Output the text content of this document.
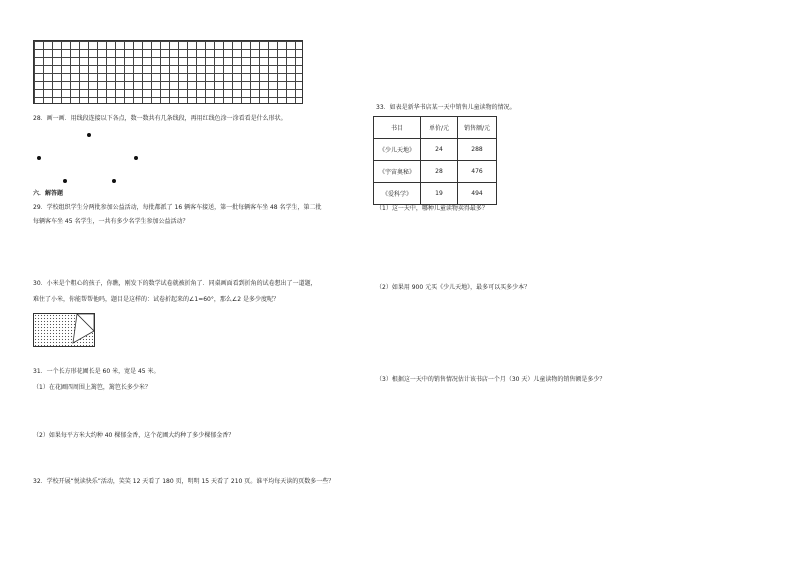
28．画一画．用线段连接以下各点，数一数共有几条线段，再用红线色涂一涂看看是什么形状。
六．解答题
29．学校组织学生分两批参加公益活动，每批都派了 16 辆客车接送，第一批每辆客车坐 48 名学生，第二批
每辆客车坐 45 名学生，一共有多少名学生参加公益活动？
30．小米是个粗心的孩子，你瞧，刚发下的数学试卷就被折角了．同桌画面看到折角的试卷想出了一道题，
难住了小米，你能帮帮他吗，题目是这样的：试卷折起来的∠1=60°，那么∠2 是多少度呢？
31．一个长方形花圃长是 60 米，宽是 45 米。
（1）在花圃四周围上篱笆，篱笆长多少米？
（2）如果每平方米大约种 40 棵郁金香，这个花圃大约种了多少棵郁金香？
32．学校开展“悦读快乐”活动，笑笑 12 天看了 180 页，明明 15 天看了 210 页。谁平均每天读的页数多一些？
33．如表是新华书店某一天中销售儿童读物的情况。
书目	单价/元	销售额/元
《少儿天地》	24	288
《宇宙奥秘》	28	476
《爱科学》	19	494
（1）这一天中，哪种儿童读物卖得最多？
（2）如果用 900 元买《少儿天地》，最多可以买多少本？
（3）根据这一天中的销售情况估计该书店一个月（30 天）儿童读物的销售额是多少？
